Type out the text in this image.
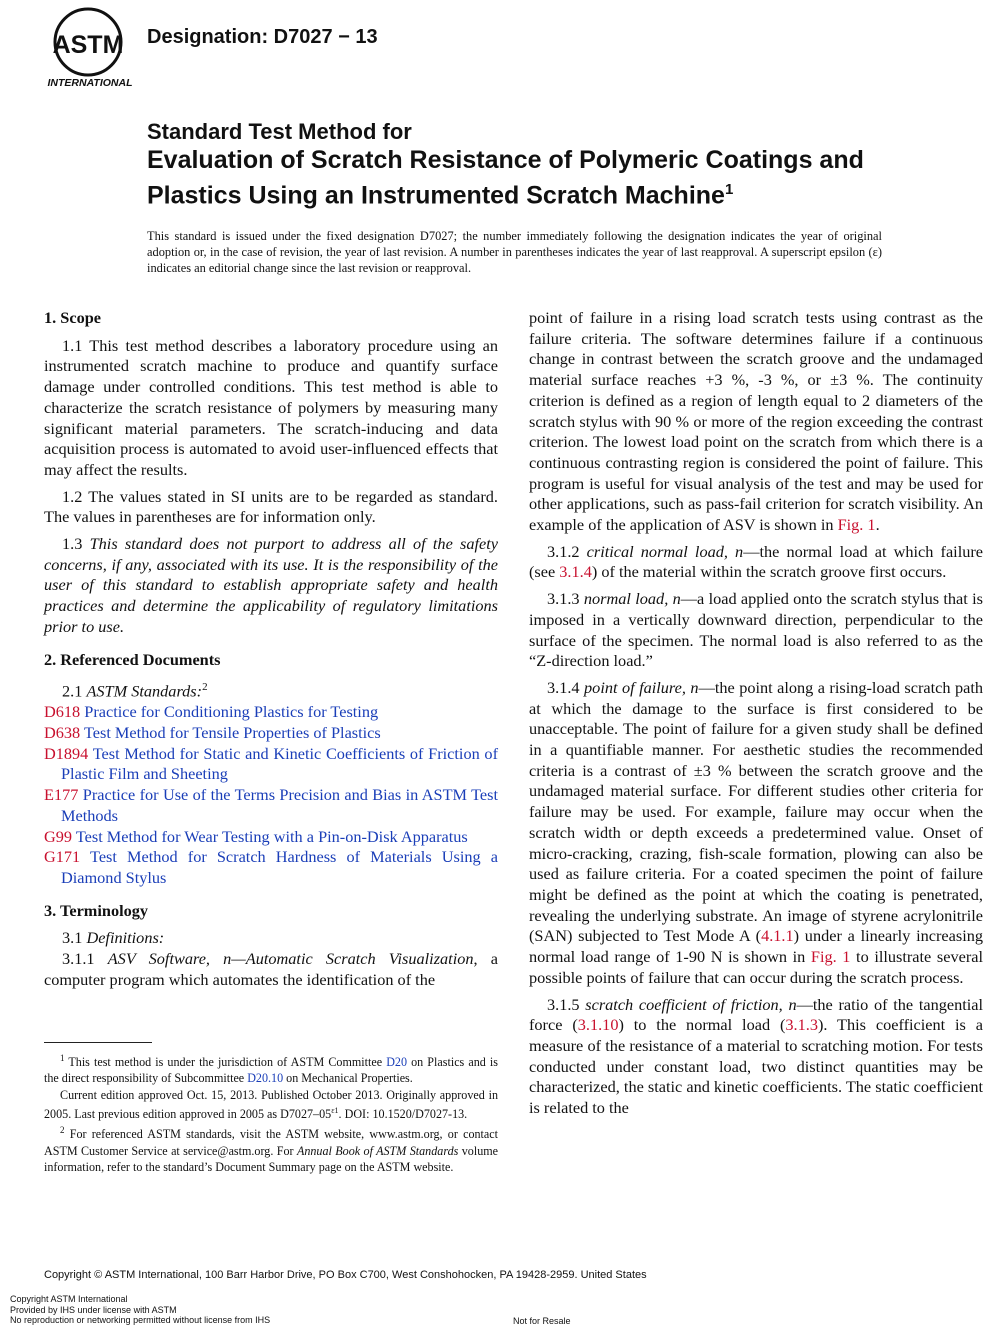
ASTM
INTERNATIONAL
Designation: D7027 − 13
Standard Test Method for
Evaluation of Scratch Resistance of Polymeric Coatings and
Plastics Using an Instrumented Scratch Machine$^1$
This standard is issued under the fixed designation D7027; the number immediately following the designation indicates the year of original adoption or, in the case of revision, the year of last revision. A number in parentheses indicates the year of last reapproval. A superscript epsilon (ε) indicates an editorial change since the last revision or reapproval.
1. Scope

1.1 This test method describes a laboratory procedure using an instrumented scratch machine to produce and quantify surface damage under controlled conditions. This test method is able to characterize the scratch resistance of polymers by measuring many significant material parameters. The scratch-inducing and data acquisition process is automated to avoid user-influenced effects that may affect the results.

1.2 The values stated in SI units are to be regarded as standard. The values in parentheses are for information only.

1.3 This standard does not purport to address all of the safety concerns, if any, associated with its use. It is the responsibility of the user of this standard to establish appropriate safety and health practices and determine the applicability of regulatory limitations prior to use.

2. Referenced Documents

2.1 ASTM Standards:$^2$

D618 Practice for Conditioning Plastics for Testing

D638 Test Method for Tensile Properties of Plastics

D1894 Test Method for Static and Kinetic Coefficients of Friction of Plastic Film and Sheeting

E177 Practice for Use of the Terms Precision and Bias in ASTM Test Methods

G99 Test Method for Wear Testing with a Pin-on-Disk Apparatus

G171 Test Method for Scratch Hardness of Materials Using a Diamond Stylus

3. Terminology

3.1 Definitions:

3.1.1 ASV Software, n—Automatic Scratch Visualization, a computer program which automates the identification of the

$^1$ This test method is under the jurisdiction of ASTM Committee D20 on Plastics and is the direct responsibility of Subcommittee D20.10 on Mechanical Properties.

Current edition approved Oct. 15, 2013. Published October 2013. Originally approved in 2005. Last previous edition approved in 2005 as $D7027-05^{\varepsilon 1}$. DOI: 10.1520/D7027-13.

$^2$ For referenced ASTM standards, visit the ASTM website, www.astm.org, or contact ASTM Customer Service at service@astm.org. For Annual Book of ASTM Standards volume information, refer to the standard’s Document Summary page on the ASTM website.

point of failure in a rising load scratch tests using contrast as the failure criteria. The software determines failure if a continuous change in contrast between the scratch groove and the undamaged material surface reaches +3 %, -3 %, or ±3 %. The continuity criterion is defined as a region of length equal to 2 diameters of the scratch stylus with 90 % or more of the region exceeding the contrast criterion. The lowest load point on the scratch from which there is a continuous contrasting region is considered the point of failure. This program is useful for visual analysis of the test and may be used for other applications, such as pass-fail criterion for scratch visibility. An example of the application of ASV is shown in Fig. 1.

3.1.2 critical normal load, n—the normal load at which failure (see 3.1.4) of the material within the scratch groove first occurs.

3.1.3 normal load, n—a load applied onto the scratch stylus that is imposed in a vertically downward direction, perpendicular to the surface of the specimen. The normal load is also referred to as the “Z-direction load.”

3.1.4 point of failure, n—the point along a rising-load scratch path at which the damage to the surface is first considered to be unacceptable. The point of failure for a given study shall be defined in a quantifiable manner. For aesthetic studies the recommended criteria is a contrast of ±3 % between the scratch groove and the undamaged material surface. For different studies other criteria for failure may be used. For example, failure may occur when the scratch width or depth exceeds a predetermined value. Onset of micro-cracking, crazing, fish-scale formation, plowing can also be used as failure criteria. For a coated specimen the point of failure might be defined as the point at which the coating is penetrated, revealing the underlying substrate. An image of styrene acrylonitrile (SAN) subjected to Test Mode A (4.1.1) under a linearly increasing normal load range of 1-90 N is shown in Fig. 1 to illustrate several possible points of failure that can occur during the scratch process.

3.1.5 scratch coefficient of friction, n—the ratio of the tangential force (3.1.10) to the normal load (3.1.3). This coefficient is a measure of the resistance of a material to scratching motion. For tests conducted under constant load, two distinct quantities may be characterized, the static and kinetic coefficients. The static coefficient is related to the

Copyright © ASTM International, 100 Barr Harbor Drive, PO Box C700, West Conshohocken, PA 19428-2959. United States
Copyright ASTM International
Provided by IHS under license with ASTM
No reproduction or networking permitted without license from IHS	Not for Resale
